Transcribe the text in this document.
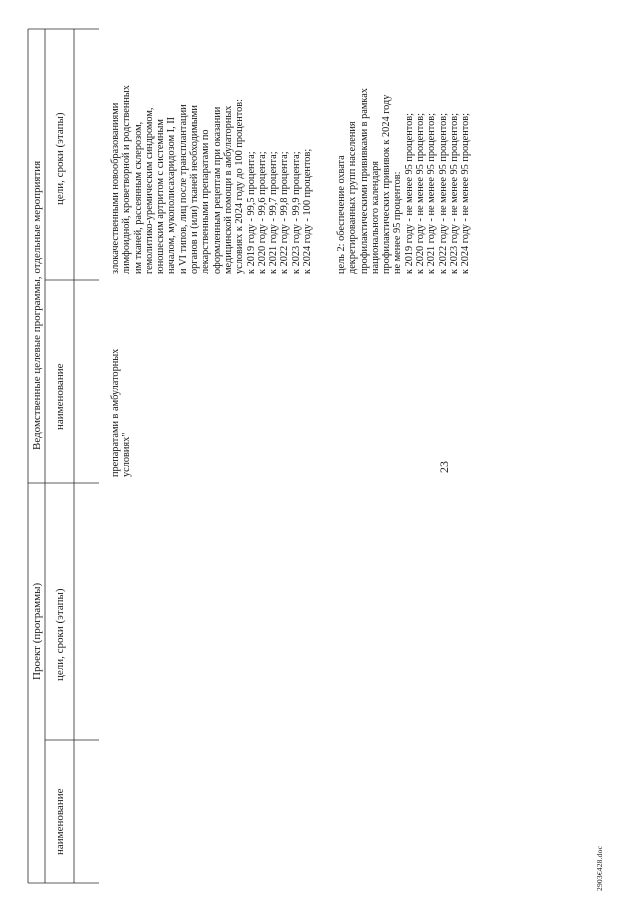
23
Проект (программы)
Ведомственные целевые программы, отдельные мероприятия
наименование
цели, сроки (этапы)
наименование
цели, сроки (этапы)
препаратами в амбулаторных условиях"
злокачественными новообразованиями лимфоидной, кроветворной и родственных им тканей, рассеянным склерозом, гемолитико-уремическим синдромом, юношеским артритом с системным началом, мукополисахаридозом I, II и VI типов, лиц после трансплантации органов и (или) тканей необходимыми лекарственными препаратами по оформленным рецептам при оказании медицинской помощи в амбулаторных условиях к 2024 году до 100 процентов: к 2019 году - 99,5 процента; к 2020 году - 99,6 процента; к 2021 году - 99,7 процента; к 2022 году - 99,8 процента; к 2023 году - 99,9 процента; к 2024 году - 100 процентов; цель 2: обеспечение охвата декретированных групп населения профилактическими прививками в рамках национального календаря профилактических прививок к 2024 году не менее 95 процентов: к 2019 году - не менее 95 процентов; к 2020 году - не менее 95 процентов; к 2021 году - не менее 95 процентов; к 2022 году - не менее 95 процентов; к 2023 году - не менее 95 процентов; к 2024 году - не менее 95 процентов;
2903€428.doc
